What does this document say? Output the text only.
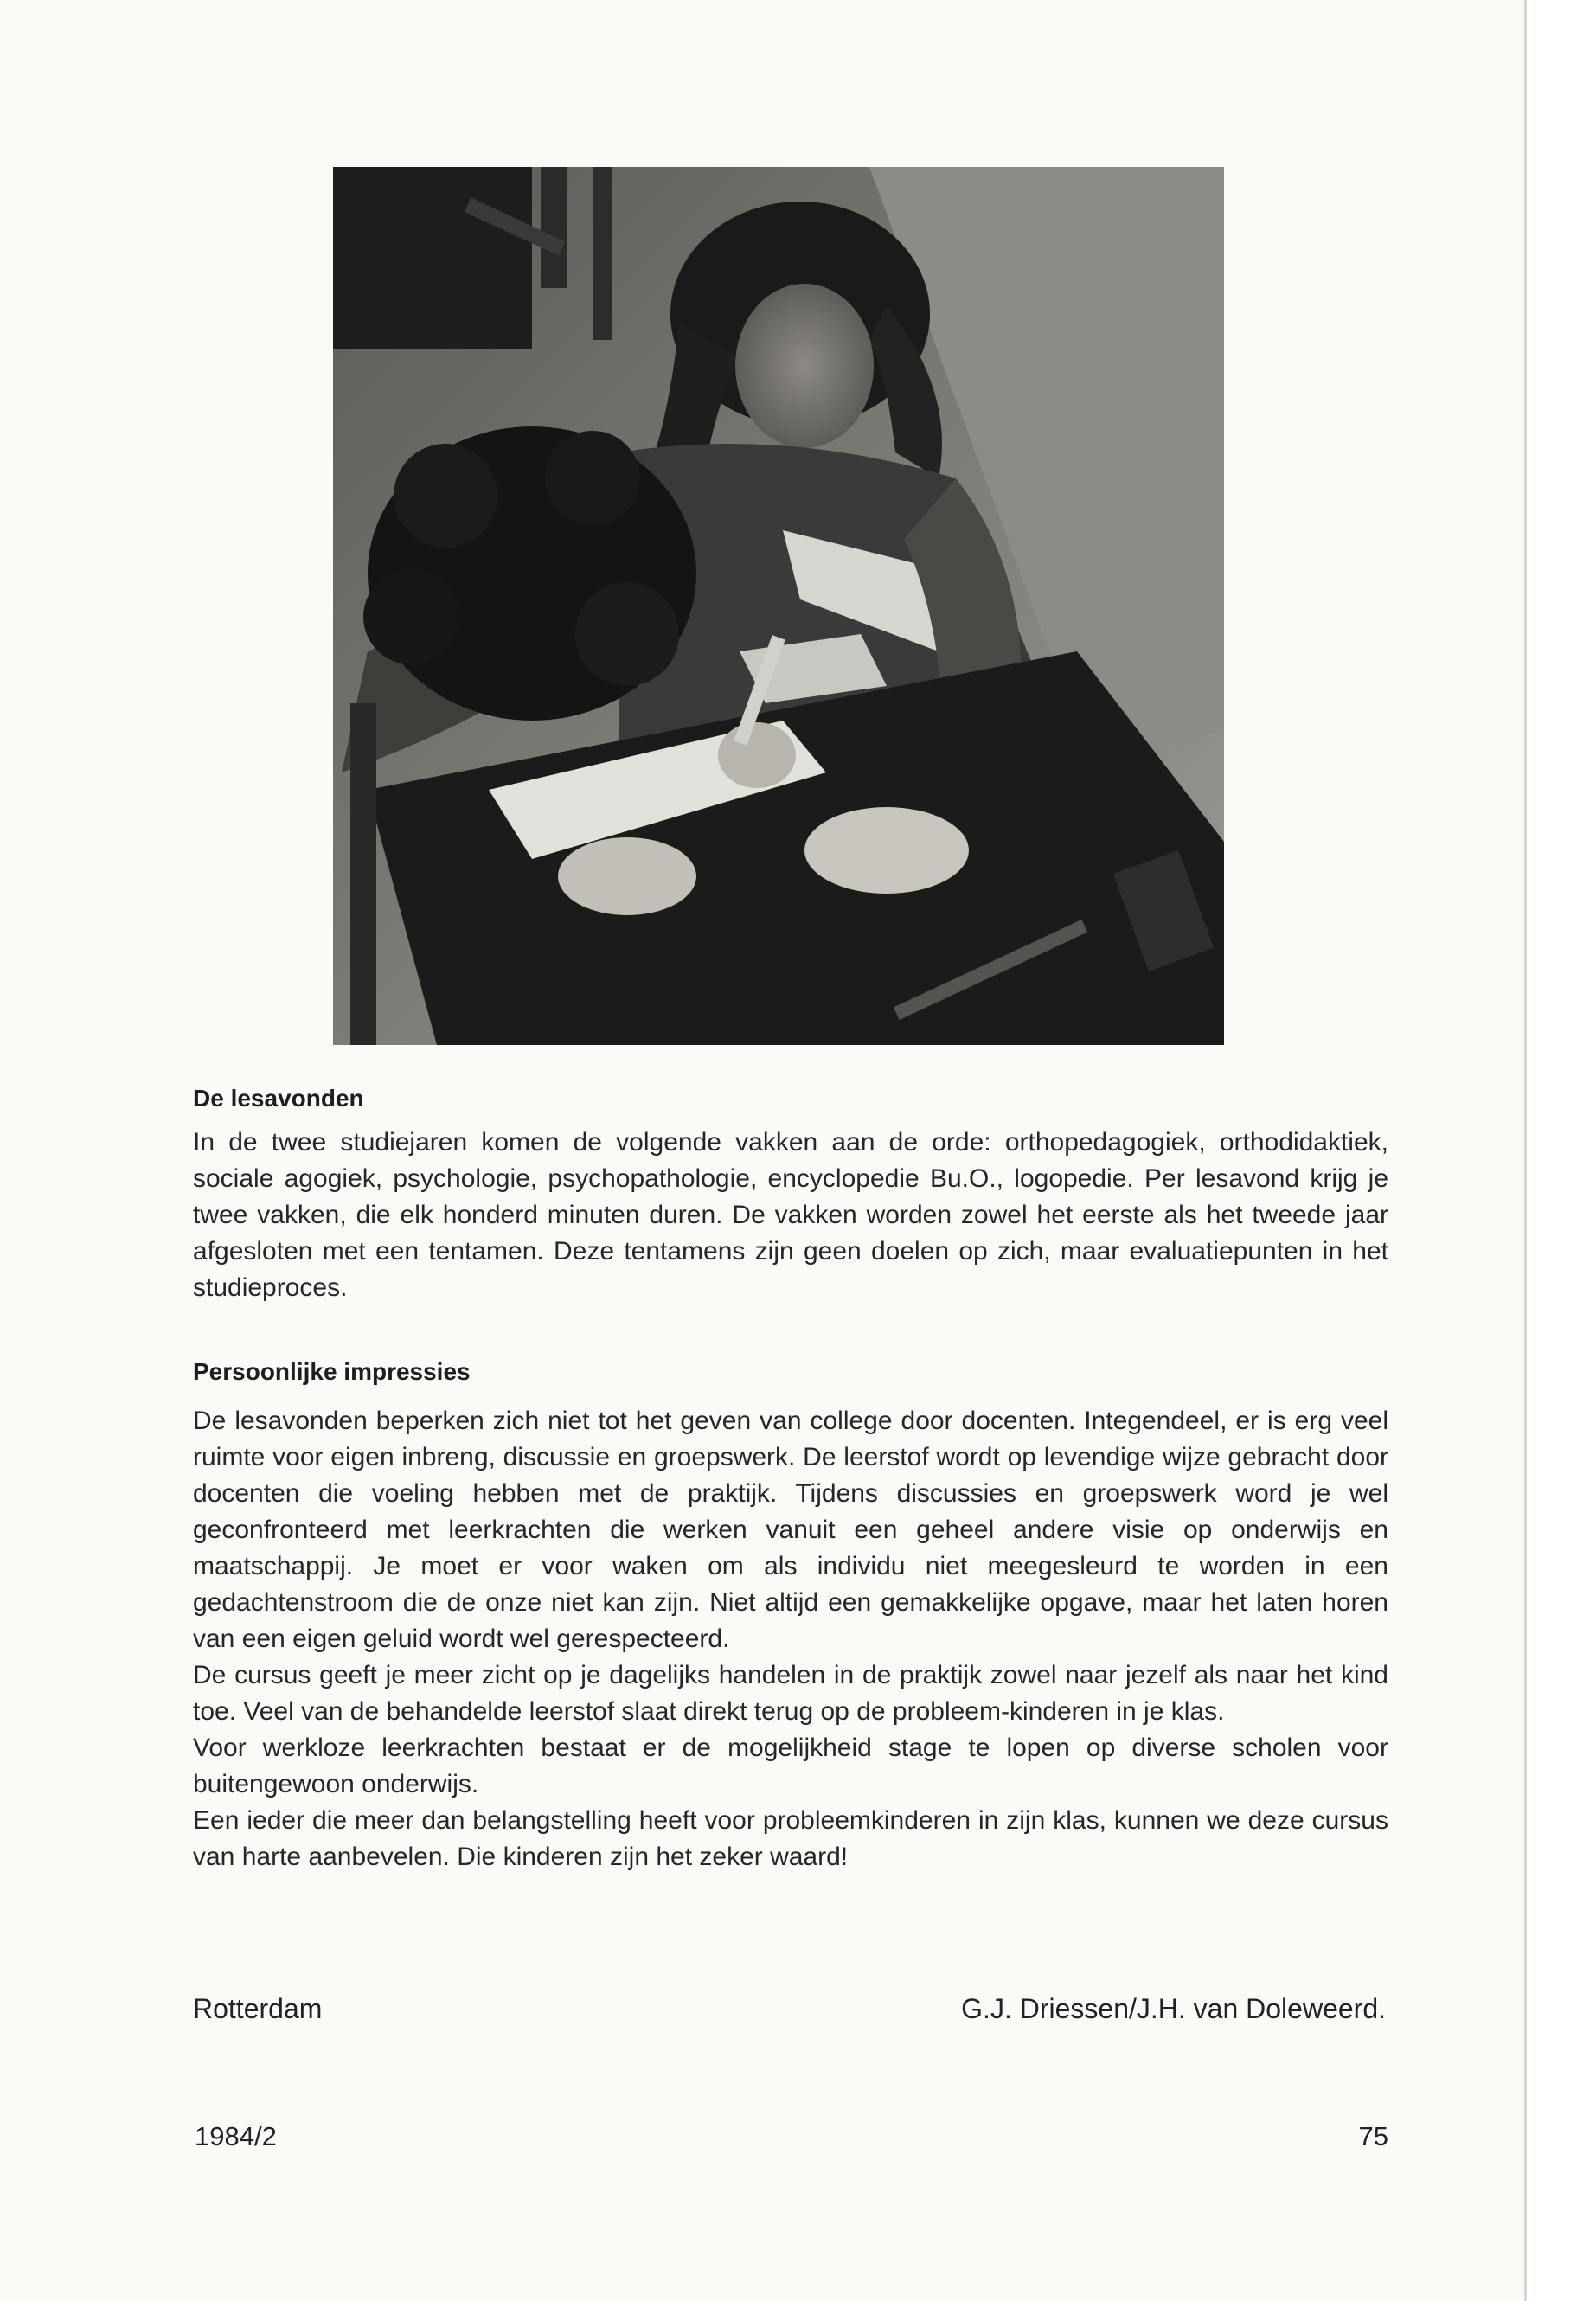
De lesavonden

In de twee studiejaren komen de volgende vakken aan de orde: orthopedagogiek, orthodidaktiek, sociale agogiek, psychologie, psychopathologie, encyclopedie Bu.O., logopedie. Per lesavond krijg je twee vakken, die elk honderd minuten duren. De vakken worden zowel het eerste als het tweede jaar afgesloten met een tentamen. Deze tentamens zijn geen doelen op zich, maar evaluatiepunten in het studieproces.

Persoonlijke impressies

De lesavonden beperken zich niet tot het geven van college door docenten. Integendeel, er is erg veel ruimte voor eigen inbreng, discussie en groepswerk. De leerstof wordt op levendige wijze gebracht door docenten die voeling hebben met de praktijk. Tijdens discussies en groepswerk word je wel geconfronteerd met leerkrachten die werken vanuit een geheel andere visie op onderwijs en maatschappij. Je moet er voor waken om als individu niet meegesleurd te worden in een gedachtenstroom die de onze niet kan zijn. Niet altijd een gemakkelijke opgave, maar het laten horen van een eigen geluid wordt wel gerespecteerd.

De cursus geeft je meer zicht op je dagelijks handelen in de praktijk zowel naar jezelf als naar het kind toe. Veel van de behandelde leerstof slaat direkt terug op de probleem-kinderen in je klas.

Voor werkloze leerkrachten bestaat er de mogelijkheid stage te lopen op diverse scholen voor buitengewoon onderwijs.

Een ieder die meer dan belangstelling heeft voor probleemkinderen in zijn klas, kunnen we deze cursus van harte aanbevelen. Die kinderen zijn het zeker waard!

Rotterdam	G.J. Driessen/J.H. van Doleweerd.
1984/2	75
